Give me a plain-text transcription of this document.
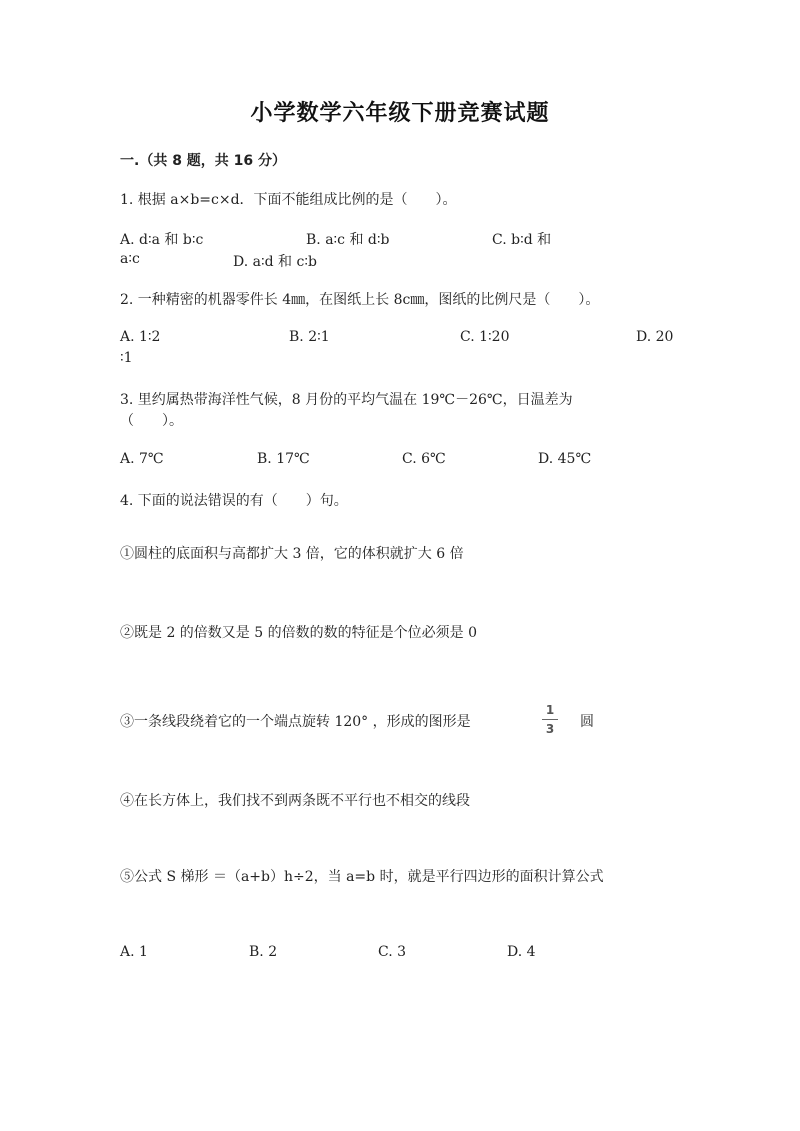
小学数学六年级下册竞赛试题
一.（共 8 题，共 16 分）
1. 根据 a×b=c×d．下面不能组成比例的是（　　）。
A. d∶a 和 b∶c	B. a∶c 和 d∶b	C. b∶d 和
a∶c	D. a∶d 和 c∶b
2. 一种精密的机器零件长 4㎜，在图纸上长 8c㎜，图纸的比例尺是（　　）。
A. 1∶2	B. 2∶1	C. 1∶20	D. 20
∶1
3. 里约属热带海洋性气候，8 月份的平均气温在 19℃－26℃，日温差为
（　　）。
A. 7℃	B. 17℃	C. 6℃	D. 45℃
4. 下面的说法错误的有（　　）句。
①圆柱的底面积与高都扩大 3 倍，它的体积就扩大 6 倍
②既是 2 的倍数又是 5 的倍数的数的特征是个位必须是 0
③一条线段绕着它的一个端点旋转 120° ，形成的图形是
1
3	圆
④在长方体上，我们找不到两条既不平行也不相交的线段
⑤公式 S 梯形 ＝（a+b）h÷2，当 a=b 时，就是平行四边形的面积计算公式
A. 1	B. 2	C. 3	D. 4
